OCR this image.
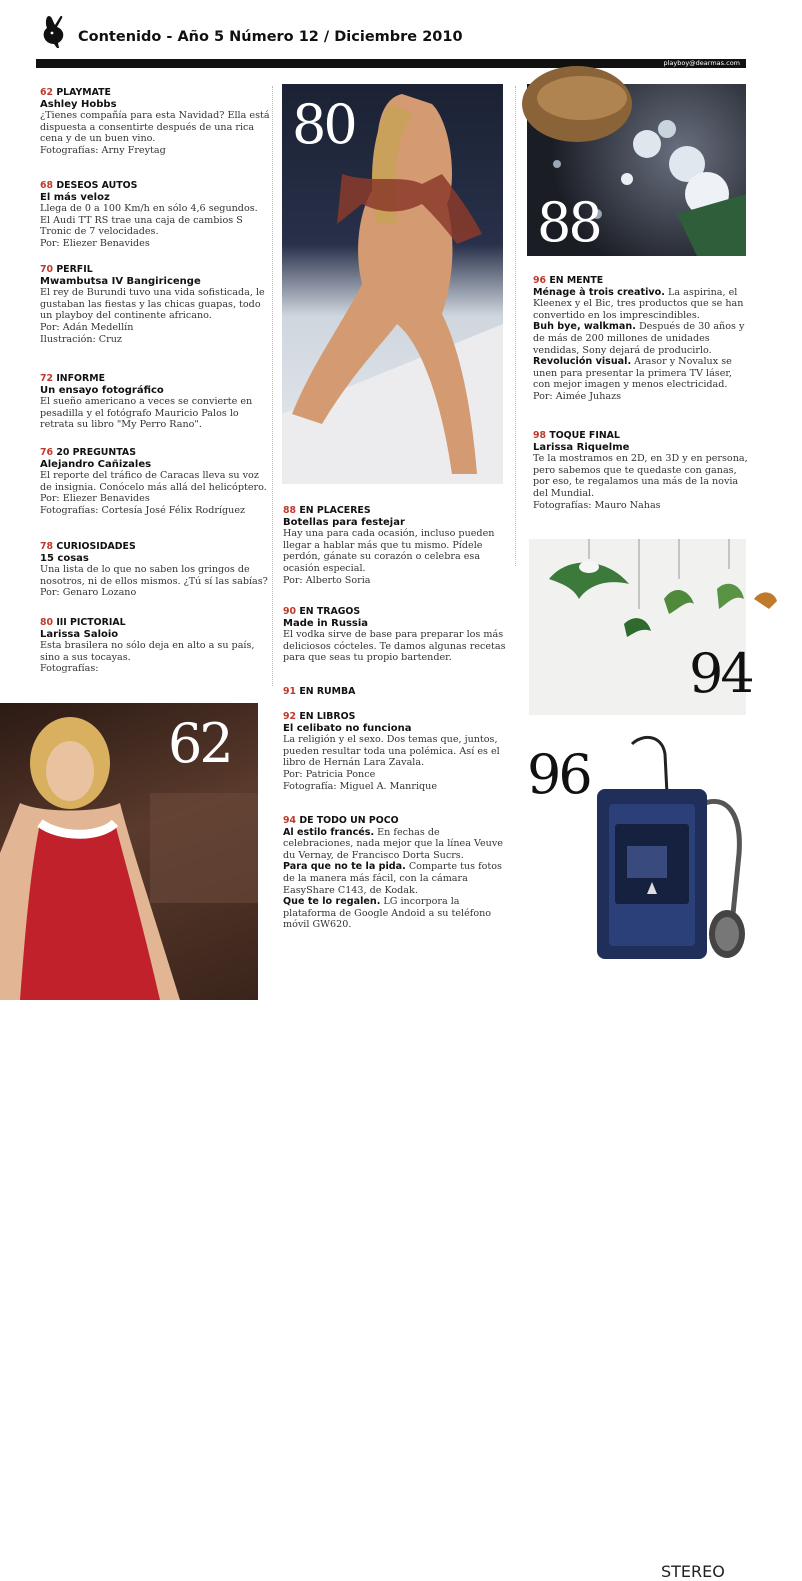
Contenido - Año 5 Número 12 / Diciembre 2010
playboy@dearmas.com
62 PLAYMATE
Ashley Hobbs
¿Tienes compañía para esta Navidad? Ella está dispuesta a consentirte después de una rica cena y de un buen vino.
Fotografías: Arny Freytag
68 DESEOS AUTOS
El más veloz
Llega de 0 a 100 Km/h en sólo 4,6 segundos. El Audi TT RS trae una caja de cambios S Tronic de 7 velocidades.
Por: Eliezer Benavides
70 PERFIL
Mwambutsa IV Bangiricenge
El rey de Burundi tuvo una vida sofisticada, le gustaban las fiestas y las chicas guapas, todo un playboy del continente africano.
Por: Adán Medellín
Ilustración: Cruz
72 INFORME
Un ensayo fotográfico
El sueño americano a veces se convierte en pesadilla y el fotógrafo Mauricio Palos lo retrata su libro "My Perro Rano".
76 20 PREGUNTAS
Alejandro Cañizales
El reporte del tráfico de Caracas lleva su voz de insignia. Conócelo más allá del helicóptero.
Por: Eliezer Benavides
Fotografías: Cortesía José Félix Rodríguez
78 CURIOSIDADES
15 cosas
Una lista de lo que no saben los gringos de nosotros, ni de ellos mismos. ¿Tú sí las sabías?
Por: Genaro Lozano
80 III PICTORIAL
Larissa Saloio
Esta brasilera no sólo deja en alto a su país, sino a sus tocayas.
Fotografías:
88 EN PLACERES
Botellas para festejar
Hay una para cada ocasión, incluso pueden llegar a hablar más que tu mismo. Pídele perdón, gánate su corazón o celebra esa ocasión especial.
Por: Alberto Soria
90 EN TRAGOS
Made in Russia
El vodka sirve de base para preparar los más deliciosos cócteles. Te damos algunas recetas para que seas tu propio bartender.
91 EN RUMBA
92 EN LIBROS
El celibato no funciona
La religión y el sexo. Dos temas que, juntos, pueden resultar toda una polémica. Así es el libro de Hernán Lara Zavala.
Por: Patricia Ponce
Fotografía: Miguel A. Manrique
94 DE TODO UN POCO
Al estilo francés. En fechas de celebraciones, nada mejor que la línea Veuve du Vernay, de Francisco Dorta Sucrs.
Para que no te la pida. Comparte tus fotos de la manera más fácil, con la cámara EasyShare C143, de Kodak.
Que te lo regalen. LG incorpora la plataforma de Google Andoid a su teléfono móvil GW620.
96 EN MENTE
Ménage à trois creativo. La aspirina, el Kleenex y el Bic, tres productos que se han convertido en los imprescindibles.
Buh bye, walkman. Después de 30 años y de más de 200 millones de unidades vendidas, Sony dejará de producirlo.
Revolución visual. Arasor y Novalux se unen para presentar la primera TV láser, con mejor imagen y menos electricidad.
Por: Aimée Juhazs
98 TOQUE FINAL
Larissa Riquelme
Te la mostramos en 2D, en 3D y en persona, pero sabemos que te quedaste con ganas, por eso, te regalamos una más de la novia del Mundial.
Fotografías: Mauro Nahas
80
88
94
STEREO
96
62
